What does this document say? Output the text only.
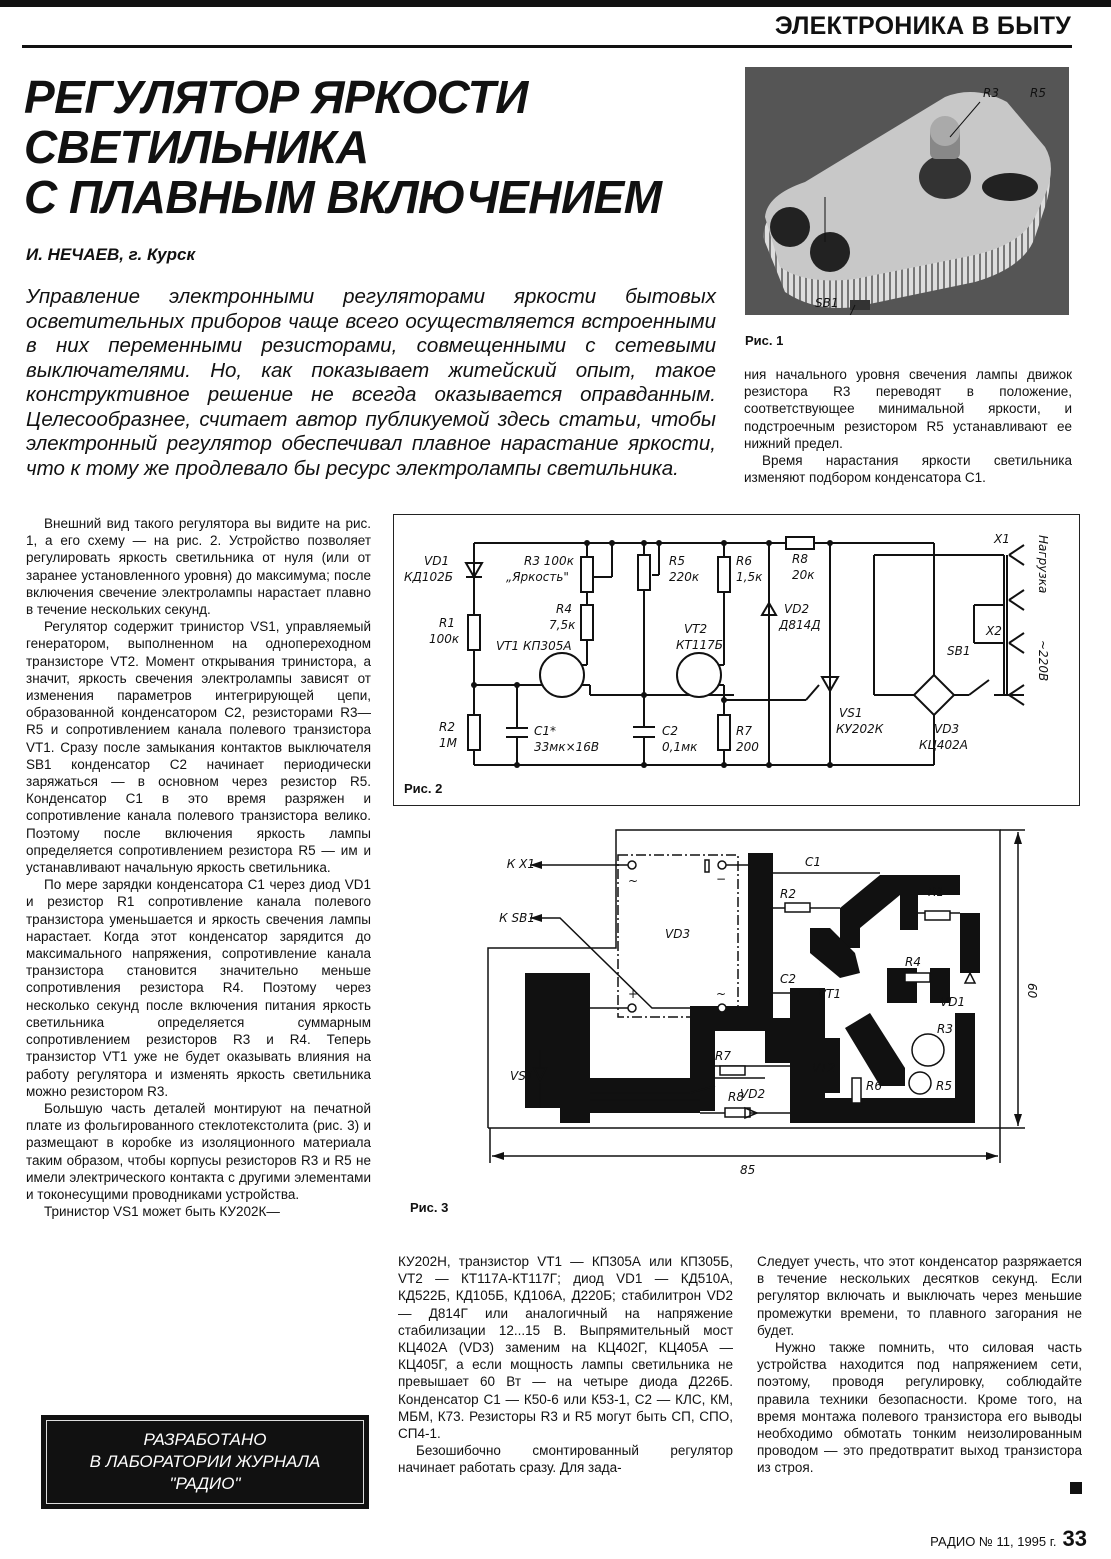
ЭЛЕКТРОНИКА В БЫТУ
РЕГУЛЯТОР ЯРКОСТИ
СВЕТИЛЬНИКА
С ПЛАВНЫМ ВКЛЮЧЕНИЕМ
И. НЕЧАЕВ, г. Курск
Управление электронными регуляторами яркости бытовых осветительных приборов чаще всего осуществляется встроенными в них переменными резисторами, совмещенными с сетевыми выключателями. Но, как показывает житейский опыт, такое конструктивное решение не всегда оказывается оправданным. Целесообразнее, считает автор публикуемой здесь статьи, чтобы электронный регулятор обеспечивал плавное нарастание яркости, что к тому же продлевало бы ресурс электролампы светильника.
R3	R5
SB1
Рис. 1

ния начального уровня свечения лампы движок резистора R3 переводят в положение, соответствующее минимальной яркости, и подстроечным резистором R5 устанавливают ее нижний предел.

Время нарастания яркости светильника изменяют подбором конденсатора C1.

Внешний вид такого регулятора вы видите на рис. 1, а его схему — на рис. 2. Устройство позволяет регулировать яркость светильника от нуля (или от заранее установленного уровня) до максимума; после включения свечение электролампы нарастает плавно в течение нескольких секунд.

Регулятор содержит тринистор VS1, управляемый генератором, выполненном на однопереходном транзисторе VT2. Момент открывания тринистора, а значит, яркость свечения электролампы зависят от изменения параметров интегрирующей цепи, образованной конденсатором C2, резисторами R3—R5 и сопротивлением канала полевого транзистора VT1. Сразу после замыкания контактов выключателя SB1 конденсатор C2 начинает периодически заряжаться — в основном через резистор R5. Конденсатор C1 в это время разряжен и сопротивление канала полевого транзистора велико. Поэтому после включения яркость лампы определяется сопротивлением резистора R5 — им и устанавливают начальную яркость светильника.

По мере зарядки конденсатора C1 через диод VD1 и резистор R1 сопротивление канала полевого транзистора уменьшается и яркость свечения лампы нарастает. Когда этот конденсатор зарядится до максимального напряжения, сопротивление канала транзистора становится значительно меньше сопротивления резистора R4. Поэтому через несколько секунд после включения питания яркость светильника определяется суммарным сопротивлением резисторов R3 и R4. Теперь транзистор VT1 уже не будет оказывать влияния на работу регулятора и изменять яркость светильника можно резистором R3.

Большую часть деталей монтируют на печатной плате из фольгированного стеклотекстолита (рис. 3) и размещают в коробке из изоляционного материала таким образом, чтобы корпусы резисторов R3 и R5 не имели электрического контакта с другими элементами и токонесущими проводниками устройства.

Тринистор VS1 может быть КУ202К—

VD1
КД102Б
R1
100к
R2
1М
R3 100к
„Яркость"
R4
7,5к
VT1 КП305А
C1*
33мк×16В
R5
220к
R6
1,5к
VT2
КТ117Б
C2
0,1мк
R7
200
R8
20к
VD2
Д814Д
VS1
КУ202К	VD3
КЦ402А
SB1
X1
X2
Нагрузка
~220В
Рис. 2
К X1
К SB1
VD3
~	−
+	~
C1
R2	R1
R4
C2
VT1
VD1
R3
R7
VT2
VD2
VS1
R8
R6	R5
85
60
Рис. 3

КУ202Н, транзистор VT1 — КП305А или КП305Б, VT2 — КТ117А-КТ117Г; диод VD1 — КД510А, КД522Б, КД105Б, КД106А, Д220Б; стабилитрон VD2 — Д814Г или аналогичный на напряжение стабилизации 12...15 В. Выпрямительный мост КЦ402А (VD3) заменим на КЦ402Г, КЦ405А — КЦ405Г, а если мощность лампы светильника не превышает 60 Вт — на четыре диода Д226Б. Конденсатор C1 — К50-6 или К53-1, C2 — КЛС, КМ, МБМ, К73. Резисторы R3 и R5 могут быть СП, СПО, СП4-1.

Безошибочно смонтированный регулятор начинает работать сразу. Для зада-

Следует учесть, что этот конденсатор разряжается в течение нескольких десятков секунд. Если регулятор включать и выключать через меньшие промежутки времени, то плавного загорания не будет.

Нужно также помнить, что силовая часть устройства находится под напряжением сети, поэтому, проводя регулировку, соблюдайте правила техники безопасности. Кроме того, на время монтажа полевого транзистора его выводы необходимо обмотать тонким неизолированным проводом — это предотвратит выход транзистора из строя.

РАЗРАБОТАНО
В ЛАБОРАТОРИИ ЖУРНАЛА
"РАДИО"
РАДИО № 11, 1995 г. 33
